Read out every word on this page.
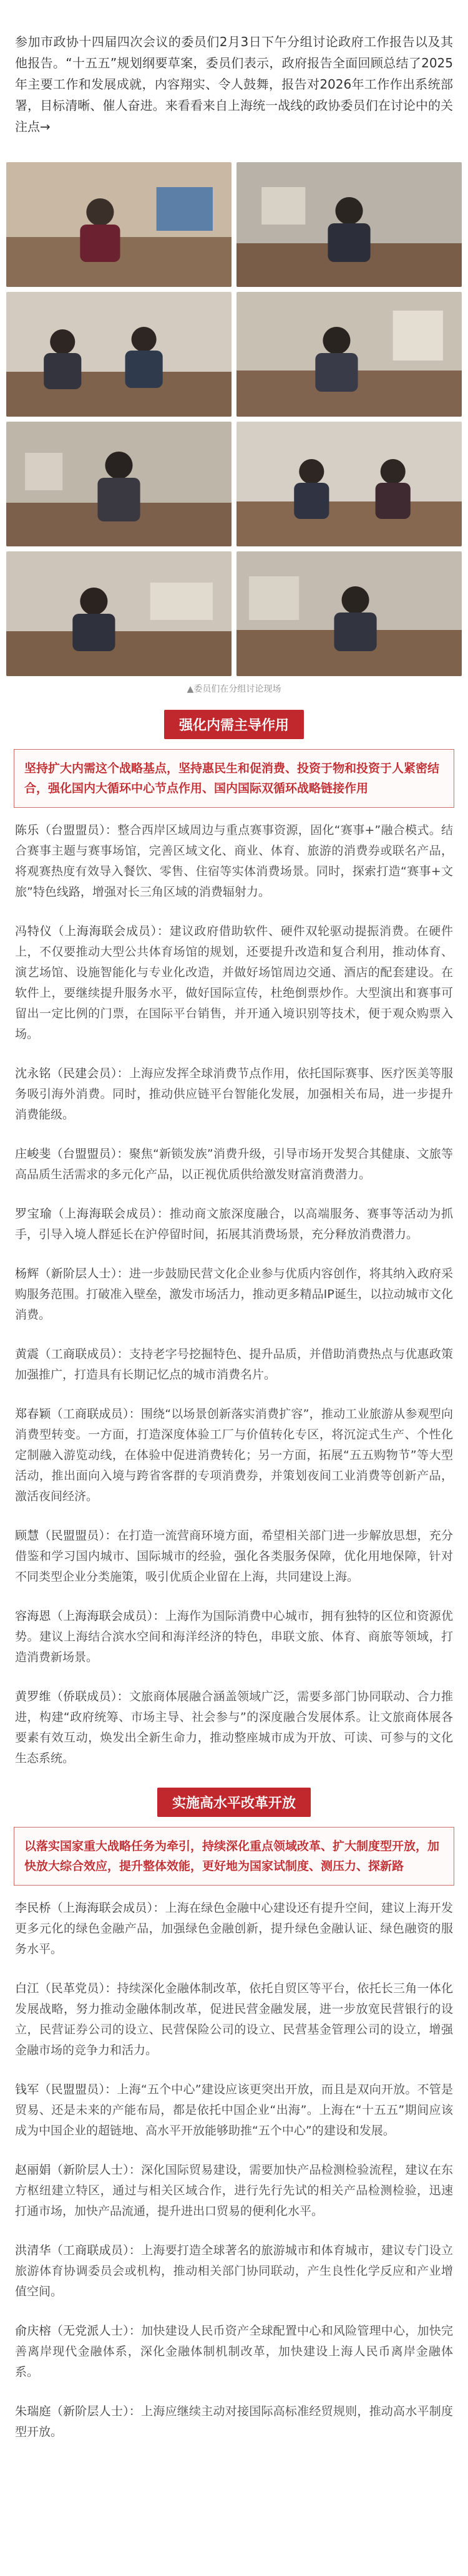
参加市政协十四届四次会议的委员们2月3日下午分组讨论政府工作报告以及其他报告。“十五五”规划纲要草案，委员们表示，政府报告全面回顾总结了2025年主要工作和发展成就，内容翔实、令人鼓舞，报告对2026年工作作出系统部署，目标清晰、催人奋进。来看看来自上海统一战线的政协委员们在讨论中的关注点→

▲委员们在分组讨论现场
强化内需主导作用
坚持扩大内需这个战略基点，坚持惠民生和促消费、投资于物和投资于人紧密结合，强化国内大循环中心节点作用、国内国际双循环战略链接作用
陈乐（台盟盟员）：整合西岸区域周边与重点赛事资源，固化“赛事+”融合模式。结合赛事主题与赛事场馆，完善区域文化、商业、体育、旅游的消费券或联名产品，将观赛热度有效导入餐饮、零售、住宿等实体消费场景。同时，探索打造“赛事+文旅”特色线路，增强对长三角区域的消费辐射力。
冯特仪（上海海联会成员）：建议政府借助软件、硬件双轮驱动提振消费。在硬件上，不仅要推动大型公共体育场馆的规划，还要提升改造和复合利用，推动体育、演艺场馆、设施智能化与专业化改造，并做好场馆周边交通、酒店的配套建设。在软件上，要继续提升服务水平，做好国际宣传，杜绝倒票炒作。大型演出和赛事可留出一定比例的门票，在国际平台销售，并开通入境识别等技术，便于观众购票入场。
沈永铭（民建会员）：上海应发挥全球消费节点作用，依托国际赛事、医疗医美等服务吸引海外消费。同时，推动供应链平台智能化发展，加强相关布局，进一步提升消费能级。
庄峻斐（台盟盟员）：聚焦“新锁发族”消费升级，引导市场开发契合其健康、文旅等高品质生活需求的多元化产品，以正视优质供给激发财富消费潜力。
罗宝瑜（上海海联会成员）：推动商文旅深度融合，以高端服务、赛事等活动为抓手，引导入境人群延长在沪停留时间，拓展其消费场景，充分释放消费潜力。
杨辉（新阶层人士）：进一步鼓励民营文化企业参与优质内容创作，将其纳入政府采购服务范围。打破准入壁垒，激发市场活力，推动更多精品IP诞生，以拉动城市文化消费。
黄震（工商联成员）：支持老字号挖掘特色、提升品质，并借助消费热点与优惠政策加强推广，打造具有长期记忆点的城市消费名片。
郑春颖（工商联成员）：围绕“以场景创新落实消费扩容”，推动工业旅游从参观型向消费型转变。一方面，打造深度体验工厂与价值转化专区，将沉淀式生产、个性化定制融入游览动线，在体验中促进消费转化；另一方面，拓展“五五购物节”等大型活动，推出面向入境与跨省客群的专项消费券，并策划夜间工业消费等创新产品，激活夜间经济。
顾慧（民盟盟员）：在打造一流营商环境方面，希望相关部门进一步解放思想，充分借鉴和学习国内城市、国际城市的经验，强化各类服务保障，优化用地保障，针对不同类型企业分类施策，吸引优质企业留在上海，共同建设上海。
容海恩（上海海联会成员）：上海作为国际消费中心城市，拥有独特的区位和资源优势。建议上海结合滨水空间和海洋经济的特色，串联文旅、体育、商旅等领域，打造消费新场景。
黄罗维（侨联成员）：文旅商体展融合涵盖领域广泛，需要多部门协同联动、合力推进，构建“政府统筹、市场主导、社会参与”的深度融合发展体系。让文旅商体展各要素有效互动，焕发出全新生命力，推动整座城市成为开放、可读、可参与的文化生态系统。
实施高水平改革开放
以落实国家重大战略任务为牵引，持续深化重点领域改革、扩大制度型开放，加快放大综合效应，提升整体效能，更好地为国家试制度、测压力、探新路
李民桥（上海海联会成员）：上海在绿色金融中心建设还有提升空间，建议上海开发更多元化的绿色金融产品，加强绿色金融创新，提升绿色金融认证、绿色融资的服务水平。
白江（民革党员）：持续深化金融体制改革，依托自贸区等平台，依托长三角一体化发展战略，努力推动金融体制改革，促进民营金融发展，进一步放宽民营银行的设立，民营证券公司的设立、民营保险公司的设立、民营基金管理公司的设立，增强金融市场的竞争力和活力。
钱军（民盟盟员）：上海“五个中心”建设应该更突出开放，而且是双向开放。不管是贸易、还是未来的产能布局，都是依托中国企业“出海”。上海在“十五五”期间应该成为中国企业的超链地、高水平开放能够助推“五个中心”的建设和发展。
赵丽娟（新阶层人士）：深化国际贸易建设，需要加快产品检测检验流程，建议在东方枢纽建立特区，通过与相关区域合作，进行先行先试的相关产品检测检验，迅速打通市场，加快产品流通，提升进出口贸易的便利化水平。
洪清华（工商联成员）：上海要打造全球著名的旅游城市和体育城市，建议专门设立旅游体育协调委员会或机构，推动相关部门协同联动，产生良性化学反应和产业增值空间。
俞庆榕（无党派人士）：加快建设人民币资产全球配置中心和风险管理中心，加快完善离岸现代金融体系，深化金融体制机制改革，加快建设上海人民币离岸金融体系。
朱瑞庭（新阶层人士）：上海应继续主动对接国际高标准经贸规则，推动高水平制度型开放。
